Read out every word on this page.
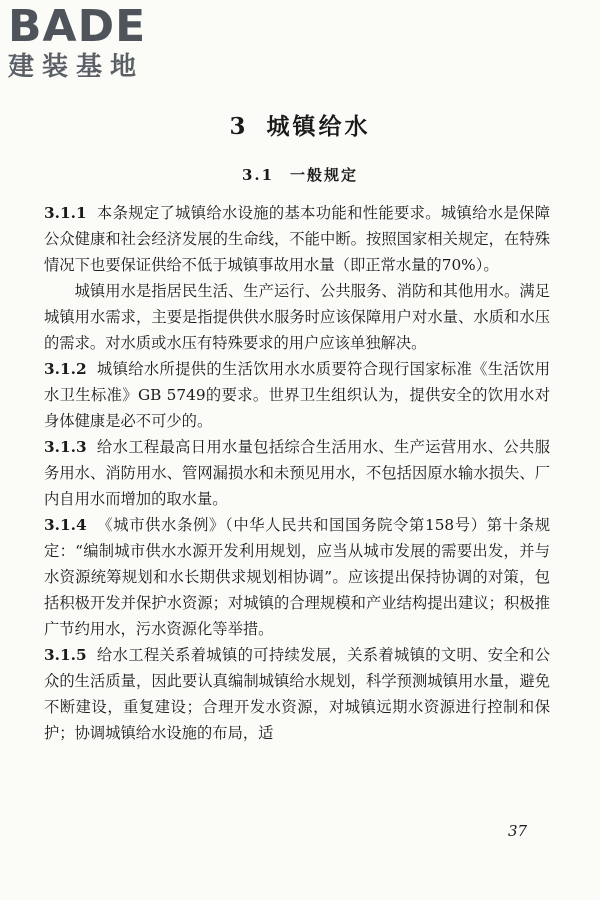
BADE
建装基地
3 城镇给水
3.1 一般规定

3.1.1 本条规定了城镇给水设施的基本功能和性能要求。城镇给水是保障公众健康和社会经济发展的生命线，不能中断。按照国家相关规定，在特殊情况下也要保证供给不低于城镇事故用水量（即正常水量的70%）。

城镇用水是指居民生活、生产运行、公共服务、消防和其他用水。满足城镇用水需求，主要是指提供供水服务时应该保障用户对水量、水质和水压的需求。对水质或水压有特殊要求的用户应该单独解决。

3.1.2 城镇给水所提供的生活饮用水水质要符合现行国家标准《生活饮用水卫生标准》GB 5749的要求。世界卫生组织认为，提供安全的饮用水对身体健康是必不可少的。

3.1.3 给水工程最高日用水量包括综合生活用水、生产运营用水、公共服务用水、消防用水、管网漏损水和未预见用水，不包括因原水输水损失、厂内自用水而增加的取水量。

3.1.4 《城市供水条例》（中华人民共和国国务院令第158号）第十条规定：“编制城市供水水源开发利用规划，应当从城市发展的需要出发，并与水资源统筹规划和水长期供求规划相协调”。应该提出保持协调的对策，包括积极开发并保护水资源；对城镇的合理规模和产业结构提出建议；积极推广节约用水，污水资源化等举措。

3.1.5 给水工程关系着城镇的可持续发展，关系着城镇的文明、安全和公众的生活质量，因此要认真编制城镇给水规划，科学预测城镇用水量，避免不断建设，重复建设；合理开发水资源，对城镇远期水资源进行控制和保护；协调城镇给水设施的布局，适

37
